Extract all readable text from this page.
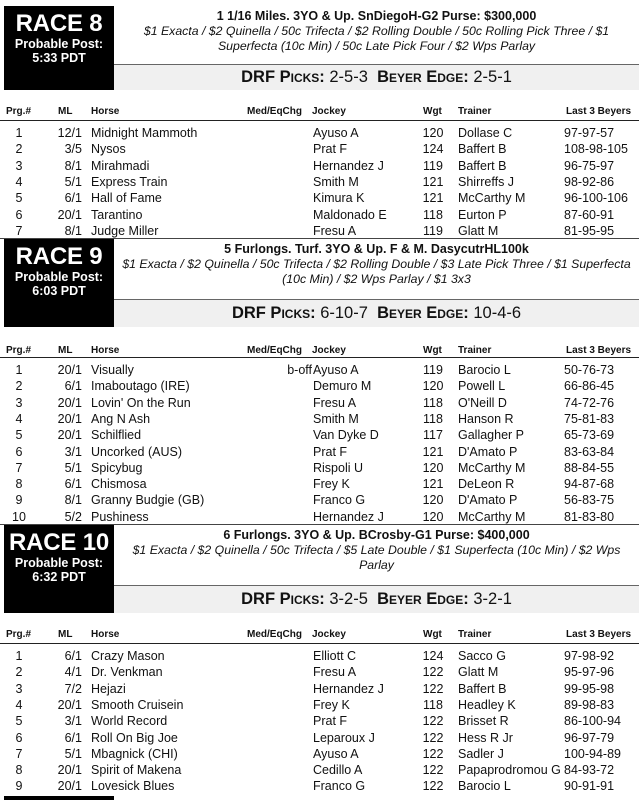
RACE 8
Probable Post:
5:33 PDT
1 1/16 Miles. 3YO & Up. SnDiegoH-G2 Purse: $300,000
$1 Exacta / $2 Quinella / 50c Trifecta / $2 Rolling Double / 50c Rolling Pick Three / $1 Superfecta (10c Min) / 50c Late Pick Four / $2 Wps Parlay
DRF Picks: 2-5-3 Beyer Edge: 2-5-1
Prg.#	ML Horse	Med/EqChg Jockey	Wgt Trainer	Last 3 Beyers
1	12/1 Midnight Mammoth	Ayuso A	120	Dollase C	97-97-57
2	3/5 Nysos	Prat F	124	Baffert B	108-98-105
3	8/1 Mirahmadi	Hernandez J	119	Baffert B	96-75-97
4	5/1 Express Train	Smith M	121	Shirreffs J	98-92-86
5	6/1 Hall of Fame	Kimura K	121	McCarthy M	96-100-106
6	20/1 Tarantino	Maldonado E	118	Eurton P	87-60-91
7	8/1 Judge Miller	Fresu A	119	Glatt M	81-95-95
RACE 9
Probable Post:
6:03 PDT
5 Furlongs. Turf. 3YO & Up. F & M. DasycutrHL100k
$1 Exacta / $2 Quinella / 50c Trifecta / $2 Rolling Double / $3 Late Pick Three / $1 Superfecta (10c Min) / $2 Wps Parlay / $1 3x3
DRF Picks: 6-10-7 Beyer Edge: 10-4-6
Prg.#	ML Horse	Med/EqChg Jockey	Wgt Trainer	Last 3 Beyers
1	20/1 Visually	b-off Ayuso A	119	Barocio L	50-76-73
2	6/1 Imaboutago (IRE)	Demuro M	120	Powell L	66-86-45
3	20/1 Lovin' On the Run	Fresu A	118	O'Neill D	74-72-76
4	20/1 Ang N Ash	Smith M	118	Hanson R	75-81-83
5	20/1 Schilflied	Van Dyke D	117	Gallagher P	65-73-69
6	3/1 Uncorked (AUS)	Prat F	121	D'Amato P	83-63-84
7	5/1 Spicybug	Rispoli U	120	McCarthy M	88-84-55
8	6/1 Chismosa	Frey K	121	DeLeon R	94-87-68
9	8/1 Granny Budgie (GB)	Franco G	120	D'Amato P	56-83-75
10	5/2 Pushiness	Hernandez J	120	McCarthy M	81-83-80
RACE 10
Probable Post:
6:32 PDT
6 Furlongs. 3YO & Up. BCrosby-G1 Purse: $400,000
$1 Exacta / $2 Quinella / 50c Trifecta / $5 Late Double / $1 Superfecta (10c Min) / $2 Wps Parlay
DRF Picks: 3-2-5 Beyer Edge: 3-2-1
Prg.#	ML Horse	Med/EqChg Jockey	Wgt Trainer	Last 3 Beyers
1	6/1 Crazy Mason	Elliott C	124	Sacco G	97-98-92
2	4/1 Dr. Venkman	Fresu A	122	Glatt M	95-97-96
3	7/2 Hejazi	Hernandez J	122	Baffert B	99-95-98
4	20/1 Smooth Cruisein	Frey K	118	Headley K	89-98-83
5	3/1 World Record	Prat F	122	Brisset R	86-100-94
6	6/1 Roll On Big Joe	Leparoux J	122	Hess R Jr	96-97-79
7	5/1 Mbagnick (CHI)	Ayuso A	122	Sadler J	100-94-89
8	20/1 Spirit of Makena	Cedillo A	122	Papaprodromou G 84-93-72
9	20/1 Lovesick Blues	Franco G	122	Barocio L	90-91-91
